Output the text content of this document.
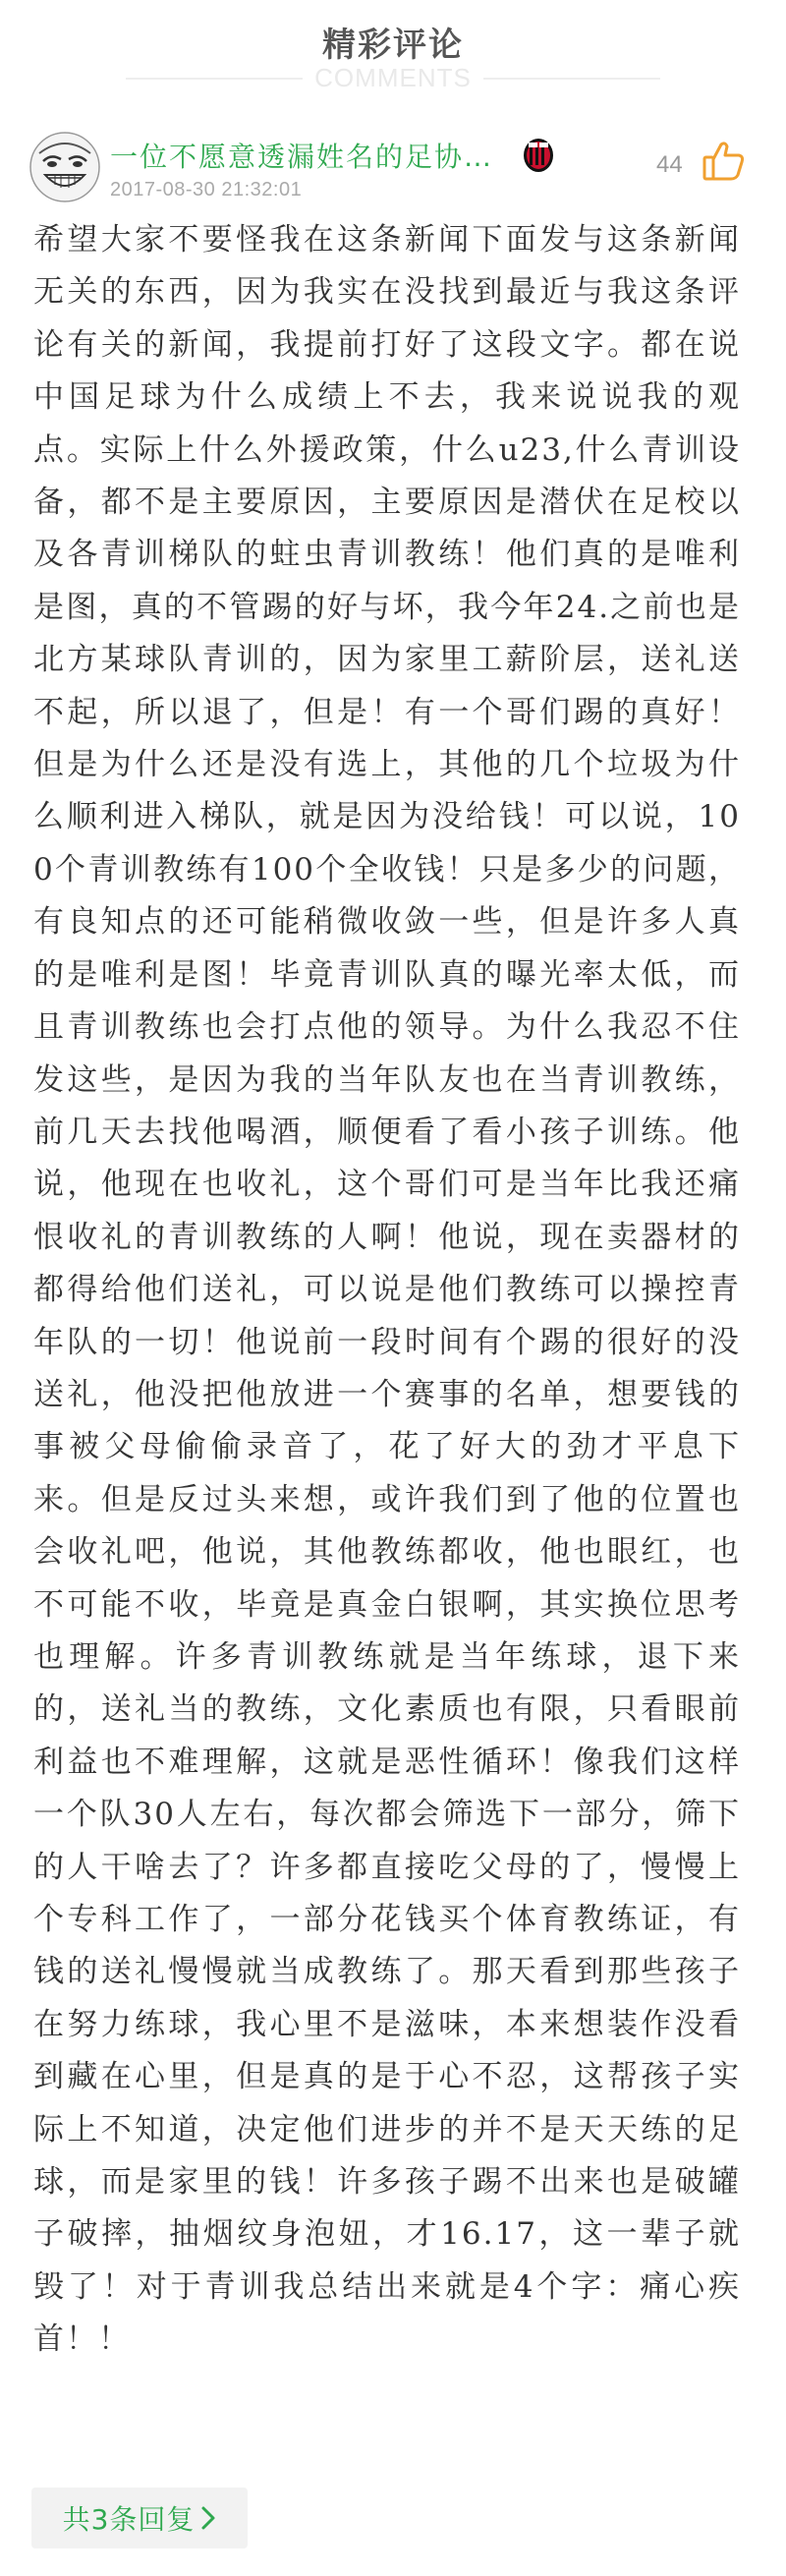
精彩评论
COMMENTS
一位不愿意透漏姓名的足协…
2017-08-30 21:32:01
44
希望大家不要怪我在这条新闻下面发与这条新闻无关的东西，因为我实在没找到最近与我这条评论有关的新闻，我提前打好了这段文字。都在说中国足球为什么成绩上不去，我来说说我的观点。实际上什么外援政策，什么u23,什么青训设备，都不是主要原因，主要原因是潜伏在足校以及各青训梯队的蛀虫青训教练！他们真的是唯利是图，真的不管踢的好与坏，我今年24.之前也是北方某球队青训的，因为家里工薪阶层，送礼送不起，所以退了，但是！有一个哥们踢的真好！但是为什么还是没有选上，其他的几个垃圾为什么顺利进入梯队，就是因为没给钱！可以说，100个青训教练有100个全收钱！只是多少的问题，有良知点的还可能稍微收敛一些，但是许多人真的是唯利是图！毕竟青训队真的曝光率太低，而且青训教练也会打点他的领导。为什么我忍不住发这些，是因为我的当年队友也在当青训教练，前几天去找他喝酒，顺便看了看小孩子训练。他说，他现在也收礼，这个哥们可是当年比我还痛恨收礼的青训教练的人啊！他说，现在卖器材的都得给他们送礼，可以说是他们教练可以操控青年队的一切！他说前一段时间有个踢的很好的没送礼，他没把他放进一个赛事的名单，想要钱的事被父母偷偷录音了，花了好大的劲才平息下来。但是反过头来想，或许我们到了他的位置也会收礼吧，他说，其他教练都收，他也眼红，也不可能不收，毕竟是真金白银啊，其实换位思考也理解。许多青训教练就是当年练球，退下来的，送礼当的教练，文化素质也有限，只看眼前利益也不难理解，这就是恶性循环！像我们这样一个队30人左右，每次都会筛选下一部分，筛下的人干啥去了？许多都直接吃父母的了，慢慢上个专科工作了，一部分花钱买个体育教练证，有钱的送礼慢慢就当成教练了。那天看到那些孩子在努力练球，我心里不是滋味，本来想装作没看到藏在心里，但是真的是于心不忍，这帮孩子实际上不知道，决定他们进步的并不是天天练的足球，而是家里的钱！许多孩子踢不出来也是破罐子破摔，抽烟纹身泡妞，才16.17，这一辈子就毁了！对于青训我总结出来就是4个字：痛心疾首！！
共3条回复
